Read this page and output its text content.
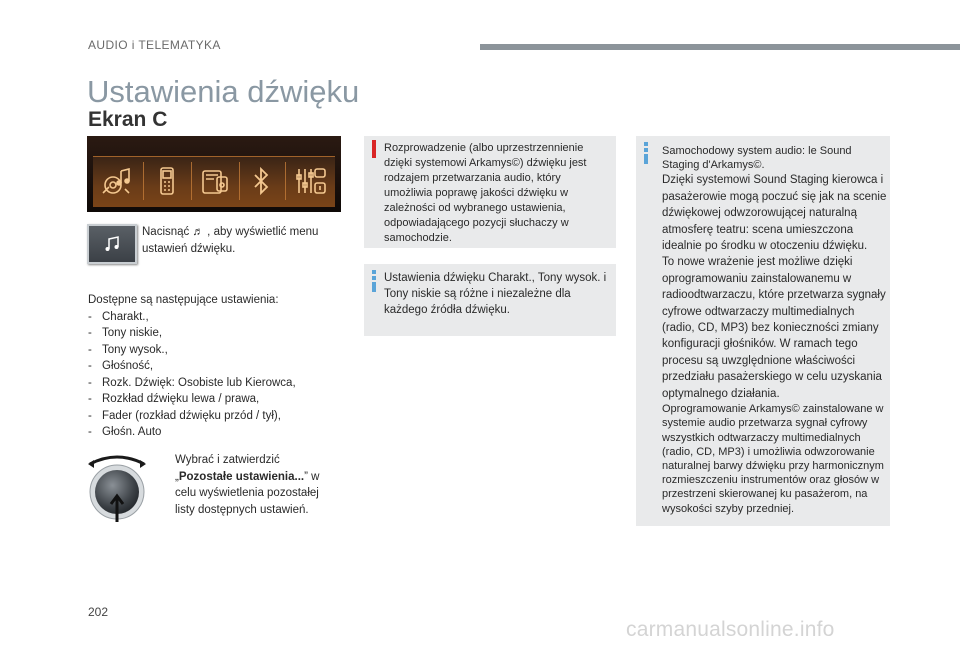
AUDIO i TELEMATYKA
Ustawienia dźwięku
Ekran C
Nacisnąć ♬ , aby wyświetlić menu ustawień dźwięku.
Dostępne są następujące ustawienia:
- Charakt.,
- Tony niskie,
- Tony wysok.,
- Głośność,
- Rozk. Dźwięk: Osobiste lub Kierowca,
- Rozkład dźwięku lewa / prawa,
- Fader (rozkład dźwięku przód / tył),
- Głośn. Auto
Wybrać i zatwierdzić „Pozostałe ustawienia...” w celu wyświetlenia pozostałej listy dostępnych ustawień.
Rozprowadzenie (albo uprzestrzennienie dzięki systemowi Arkamys©) dźwięku jest rodzajem przetwarzania audio, który umożliwia poprawę jakości dźwięku w zależności od wybranego ustawienia, odpowiadającego pozycji słuchaczy w samochodzie.
Ustawienia dźwięku Charakt., Tony wysok. i Tony niskie są różne i niezależne dla każdego źródła dźwięku.
Samochodowy system audio: le Sound Staging d'Arkamys©.
Dzięki systemowi Sound Staging kierowca i pasażerowie mogą poczuć się jak na scenie dźwiękowej odwzorowującej naturalną atmosferę teatru: scena umieszczona idealnie po środku w otoczeniu dźwięku.
To nowe wrażenie jest możliwe dzięki oprogramowaniu zainstalowanemu w radioodtwarzaczu, które przetwarza sygnały cyfrowe odtwarzaczy multimedialnych (radio, CD, MP3) bez konieczności zmiany konfiguracji głośników. W ramach tego procesu są uwzględnione właściwości przedziału pasażerskiego w celu uzyskania optymalnego działania.
Oprogramowanie Arkamys© zainstalowane w systemie audio przetwarza sygnał cyfrowy wszystkich odtwarzaczy multimedialnych (radio, CD, MP3) i umożliwia odwzorowanie naturalnej barwy dźwięku przy harmonicznym rozmieszczeniu instrumentów oraz głosów w przestrzeni skierowanej ku pasażerom, na wysokości szyby przedniej.
202
carmanualsonline.info
